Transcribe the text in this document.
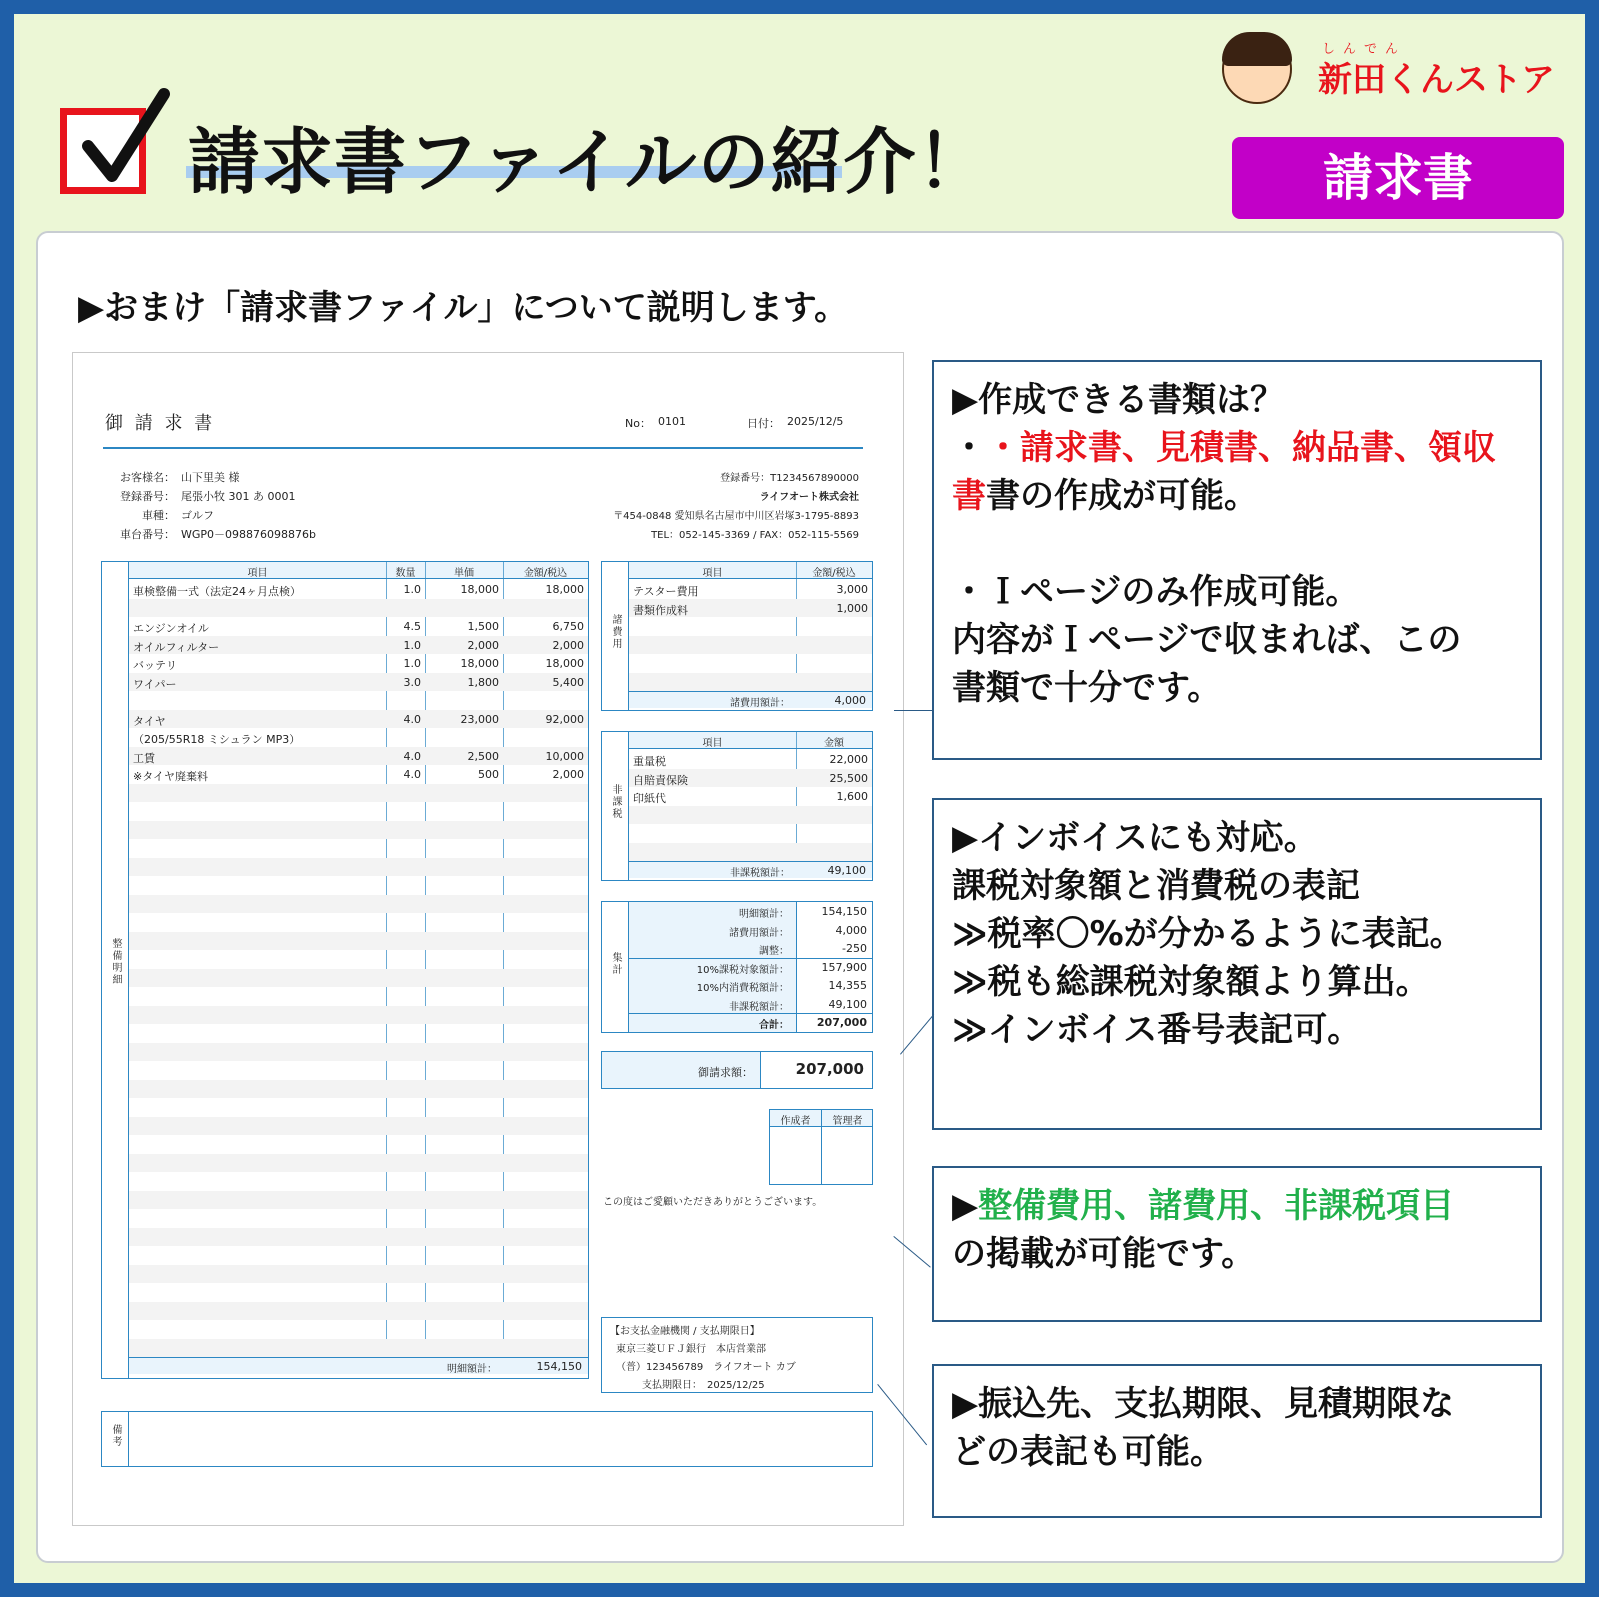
請求書ファイルの紹介！
しんでん
新田くんストア
請求書
▶おまけ「請求書ファイル」について説明します。
御 請 求 書	No： 0101	日付： 2025/12/5
お客様名： 山下里美 様
登録番号： 尾張小牧 301 あ 0001
車種： ゴルフ
車台番号： WGP0－098876098876b
登録番号：T1234567890000
ライフオート株式会社
〒454-0848 愛知県名古屋市中川区岩塚3-1795-8893
TEL：052-145-3369 / FAX：052-115-5569
整備明細
項目	数量	単価	金額/税込
車検整備一式（法定24ヶ月点検）	1.0	18,000	18,000
エンジンオイル	4.5	1,500	6,750
オイルフィルター	1.0	2,000	2,000
バッテリ	1.0	18,000	18,000
ワイパー	3.0	1,800	5,400
タイヤ	4.0	23,000	92,000
（205/55R18 ミシュラン MP3）
工賃	4.0	2,500	10,000
※タイヤ廃棄料	4.0	500	2,000
明細額計：	154,150
諸費用
項目	金額/税込
テスター費用	3,000
書類作成料	1,000
諸費用額計：	4,000
非課税
項目	金額
重量税	22,000
自賠責保険	25,500
印紙代	1,600
非課税額計：	49,100
集計
明細額計：	154,150
諸費用額計：	4,000
調整：	-250
10%課税対象額計：	157,900
10%内消費税額計：	14,355
非課税額計：	49,100
合計：	207,000
御請求額：	207,000
作成者	管理者
この度はご愛顧いただきありがとうございます。
【お支払金融機関 / 支払期限日】
東京三菱ＵＦＪ銀行　本店営業部
（普）123456789　ライフオート カブ
支払期限日：　2025/12/25
備考
▶作成できる書類は？
・・請求書、見積書、納品書、領収
書書の作成が可能。
・Ｉページのみ作成可能。
内容がＩページで収まれば、この
書類で十分です。
▶インボイスにも対応。
課税対象額と消費税の表記
≫税率〇%が分かるように表記。
≫税も総課税対象額より算出。
≫インボイス番号表記可。
▶整備費用、諸費用、非課税項目
の掲載が可能です。
▶振込先、支払期限、見積期限な
どの表記も可能。
